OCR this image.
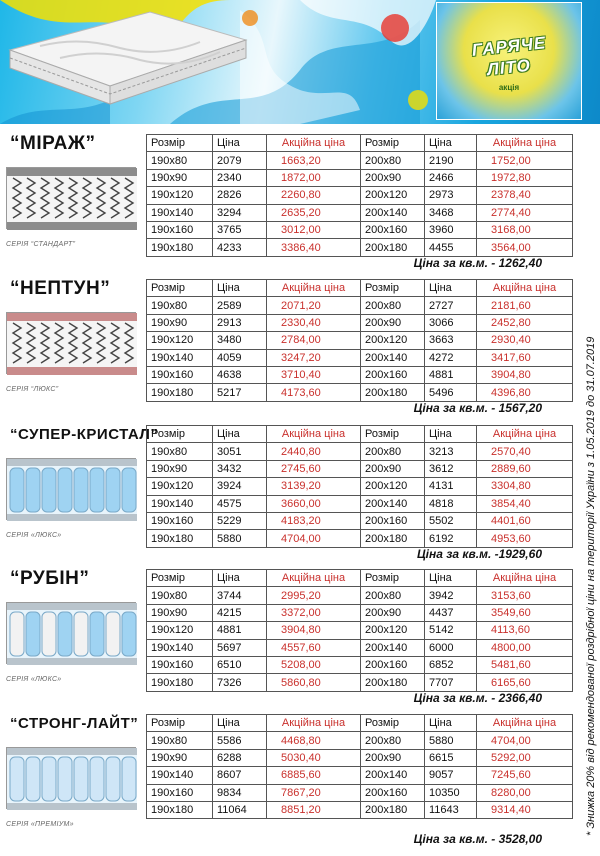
ГАРЯЧЕ
ЛІТО
акція
“МІРАЖ”
СЕРІЯ “СТАНДАРТ”
Розмір	Ціна	Акційна ціна	Розмір	Ціна	Акційна ціна
190х80	2079	1663,20	200х80	2190	1752,00
190х90	2340	1872,00	200х90	2466	1972,80
190х120	2826	2260,80	200х120	2973	2378,40
190х140	3294	2635,20	200х140	3468	2774,40
190х160	3765	3012,00	200х160	3960	3168,00
190х180	4233	3386,40	200х180	4455	3564,00
Ціна за кв.м. - 1262,40
“НЕПТУН”
СЕРІЯ “ЛЮКС”
Розмір	Ціна	Акційна ціна	Розмір	Ціна	Акційна ціна
190х80	2589	2071,20	200х80	2727	2181,60
190х90	2913	2330,40	200х90	3066	2452,80
190х120	3480	2784,00	200х120	3663	2930,40
190х140	4059	3247,20	200х140	4272	3417,60
190х160	4638	3710,40	200х160	4881	3904,80
190х180	5217	4173,60	200х180	5496	4396,80
Ціна за кв.м. - 1567,20
“СУПЕР-КРИСТАЛ”
СЕРІЯ «ЛЮКС»
Розмір	Ціна	Акційна ціна	Розмір	Ціна	Акційна ціна
190х80	3051	2440,80	200х80	3213	2570,40
190х90	3432	2745,60	200х90	3612	2889,60
190х120	3924	3139,20	200х120	4131	3304,80
190х140	4575	3660,00	200х140	4818	3854,40
190х160	5229	4183,20	200х160	5502	4401,60
190х180	5880	4704,00	200х180	6192	4953,60
Ціна за кв.м. -1929,60
“РУБІН”
СЕРІЯ «ЛЮКС»
Розмір	Ціна	Акційна ціна	Розмір	Ціна	Акційна ціна
190х80	3744	2995,20	200х80	3942	3153,60
190х90	4215	3372,00	200х90	4437	3549,60
190х120	4881	3904,80	200х120	5142	4113,60
190х140	5697	4557,60	200х140	6000	4800,00
190х160	6510	5208,00	200х160	6852	5481,60
190х180	7326	5860,80	200х180	7707	6165,60
Ціна за кв.м. - 2366,40
“СТРОНГ-ЛАЙТ”
СЕРІЯ «ПРЕМІУМ»
Розмір	Ціна	Акційна ціна	Розмір	Ціна	Акційна ціна
190х80	5586	4468,80	200х80	5880	4704,00
190х90	6288	5030,40	200х90	6615	5292,00
190х140	8607	6885,60	200х140	9057	7245,60
190х160	9834	7867,20	200х160	10350	8280,00
190х180	11064	8851,20	200х180	11643	9314,40
Ціна за кв.м. - 3528,00
* Знижка 20% від рекомендованої роздрібної ціни на території України з 1.05.2019 до 31.07.2019
